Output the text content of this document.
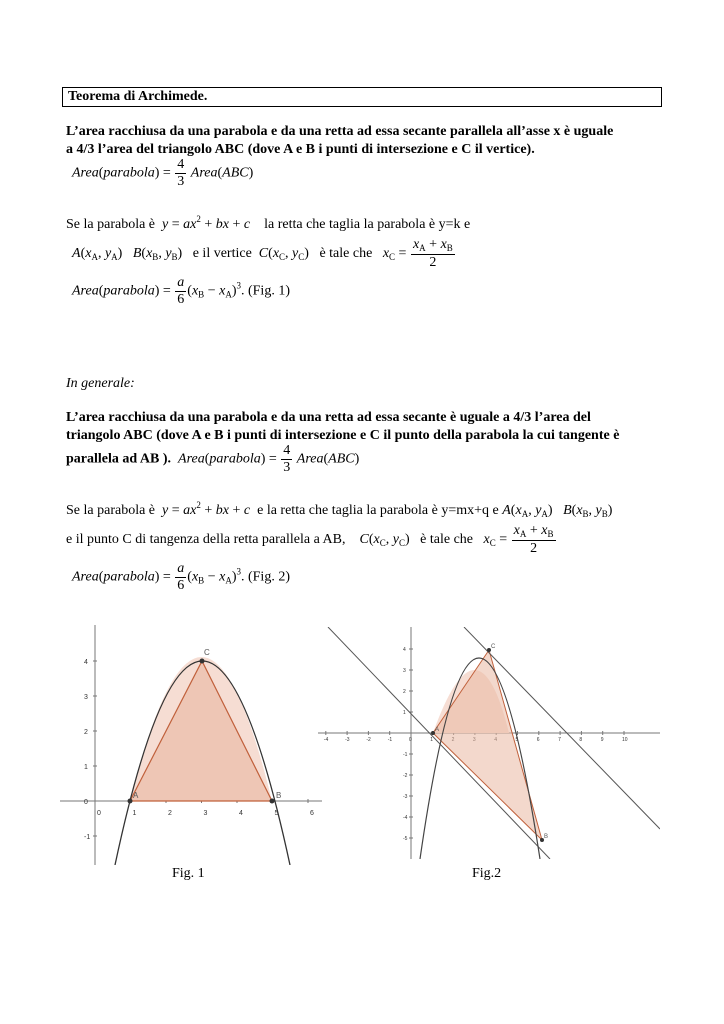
Teorema di Archimede.
L’area racchiusa da una parabola e da una retta ad essa secante parallela all’asse x è uguale
a 4/3 l’area del triangolo ABC (dove A e B i punti di intersezione e C il vertice).
Area(parabola) = $\frac{4}{3}$ Area(ABC)
Se la parabola è $y = ax^2$ + bx + c la retta che taglia la parabola è y=k e
$A(x_A$, $y_A$)   $B(x_B$, $y_B$)   e il vertice $C(x_C$, $y_C$)   è tale che $x_C = \frac{x_A + x_B}{2}$
Area(parabola) = $\frac{a}{6} (x_B - x_A)^3$. (Fig. 1)
In generale:
L’area racchiusa da una parabola e da una retta ad essa secante è uguale a 4/3 l’area del
triangolo ABC (dove A e B i punti di intersezione e C il punto della parabola la cui tangente è
parallela ad AB ). Area(parabola) = $\frac{4}{3}$ Area(ABC)
Se la parabola è $y = ax^2$ + bx + c e la retta che taglia la parabola è y=mx+q e $A(x_A$, $y_A$)   $B(x_B$, $y_B$)
e il punto C di tangenza della retta parallela a AB, $C(x_C$, $y_C$)   è tale che $x_C = \frac{x_A + x_B}{2}$
Area(parabola) = $\frac{a}{6} (x_B - x_A)^3$. (Fig. 2)
0	1	2	3	4	5	6
4
3
2
1
0
-1
A
C
B
Fig. 1
-4	-3	-2	-1	0	1	5	6	7	8	9	10
4
3
2
1
-1
-2
-3
-4
-5
A
C
B
Fig.2
